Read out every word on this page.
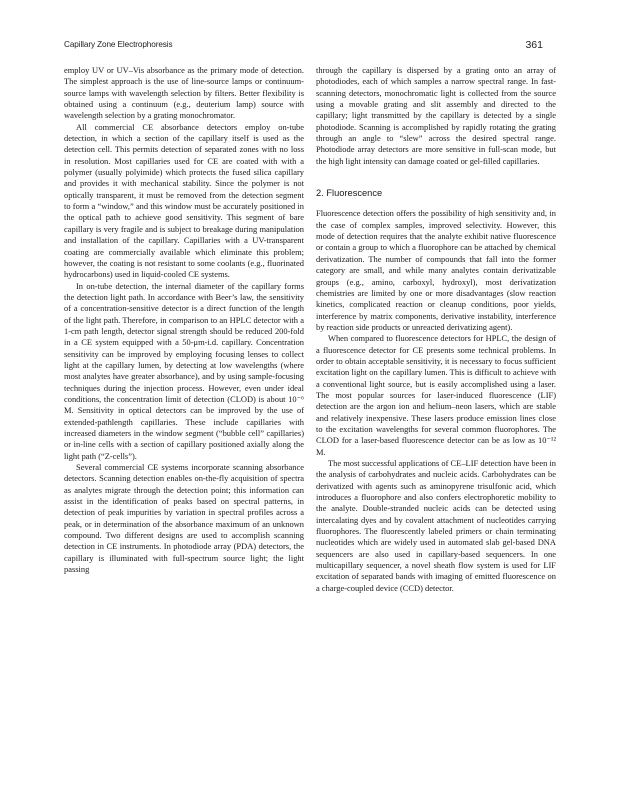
Capillary Zone Electrophoresis	361

employ UV or UV–Vis absorbance as the primary mode of detection. The simplest approach is the use of line-source lamps or continuum-source lamps with wavelength selection by filters. Better flexibility is obtained using a continuum (e.g., deuterium lamp) source with wavelength selection by a grating monochromator.

All commercial CE absorbance detectors employ on-tube detection, in which a section of the capillary itself is used as the detection cell. This permits detection of separated zones with no loss in resolution. Most capillaries used for CE are coated with with a polymer (usually polyimide) which protects the fused silica capillary and provides it with mechanical stability. Since the polymer is not optically transparent, it must be removed from the detection segment to form a “window,” and this window must be accurately positioned in the optical path to achieve good sensitivity. This segment of bare capillary is very fragile and is subject to breakage during manipulation and installation of the capillary. Capillaries with a UV-transparent coating are commercially available which eliminate this problem; however, the coating is not resistant to some coolants (e.g., fluorinated hydrocarbons) used in liquid-cooled CE systems.

In on-tube detection, the internal diameter of the capillary forms the detection light path. In accordance with Beer’s law, the sensitivity of a concentration-sensitive detector is a direct function of the length of the light path. Therefore, in comparison to an HPLC detector with a 1-cm path length, detector signal strength should be reduced 200-fold in a CE system equipped with a 50-μm-i.d. capillary. Concentration sensitivity can be improved by employing focusing lenses to collect light at the capillary lumen, by detecting at low wavelengths (where most analytes have greater absorbance), and by using sample-focusing techniques during the injection process. However, even under ideal conditions, the concentration limit of detection (CLOD) is about 10⁻⁶ M. Sensitivity in optical detectors can be improved by the use of extended-pathlength capillaries. These include capillaries with increased diameters in the window segment (“bubble cell” capillaries) or in-line cells with a section of capillary positioned axially along the light path (“Z-cells”).

Several commercial CE systems incorporate scanning absorbance detectors. Scanning detection enables on-the-fly acquisition of spectra as analytes migrate through the detection point; this information can assist in the identification of peaks based on spectral patterns, in detection of peak impurities by variation in spectral profiles across a peak, or in determination of the absorbance maximum of an unknown compound. Two different designs are used to accomplish scanning detection in CE instruments. In photodiode array (PDA) detectors, the capillary is illuminated with full-spectrum source light; the light passing

through the capillary is dispersed by a grating onto an array of photodiodes, each of which samples a narrow spectral range. In fast-scanning detectors, monochromatic light is collected from the source using a movable grating and slit assembly and directed to the capillary; light transmitted by the capillary is detected by a single photodiode. Scanning is accomplished by rapidly rotating the grating through an angle to “slew” across the desired spectral range. Photodiode array detectors are more sensitive in full-scan mode, but the high light intensity can damage coated or gel-filled capillaries.

2. Fluorescence

Fluorescence detection offers the possibility of high sensitivity and, in the case of complex samples, improved selectivity. However, this mode of detection requires that the analyte exhibit native fluorescence or contain a group to which a fluorophore can be attached by chemical derivatization. The number of compounds that fall into the former category are small, and while many analytes contain derivatizable groups (e.g., amino, carboxyl, hydroxyl), most derivatization chemistries are limited by one or more disadvantages (slow reaction kinetics, complicated reaction or cleanup conditions, poor yields, interference by matrix components, derivative instability, interference by reaction side products or unreacted derivatizing agent).

When compared to fluorescence detectors for HPLC, the design of a fluorescence detector for CE presents some technical problems. In order to obtain acceptable sensitivity, it is necessary to focus sufficient excitation light on the capillary lumen. This is difficult to achieve with a conventional light source, but is easily accomplished using a laser. The most popular sources for laser-induced fluorescence (LIF) detection are the argon ion and helium–neon lasers, which are stable and relatively inexpensive. These lasers produce emission lines close to the excitation wavelengths for several common fluorophores. The CLOD for a laser-based fluorescence detector can be as low as 10⁻¹² M.

The most successful applications of CE–LIF detection have been in the analysis of carbohydrates and nucleic acids. Carbohydrates can be derivatized with agents such as aminopyrene trisulfonic acid, which introduces a fluorophore and also confers electrophoretic mobility to the analyte. Double-stranded nucleic acids can be detected using intercalating dyes and by covalent attachment of nucleotides carrying fluorophores. The fluorescently labeled primers or chain terminating nucleotides which are widely used in automated slab gel-based DNA sequencers are also used in capillary-based sequencers. In one multicapillary sequencer, a novel sheath flow system is used for LIF excitation of separated bands with imaging of emitted fluorescence on a charge-coupled device (CCD) detector.
